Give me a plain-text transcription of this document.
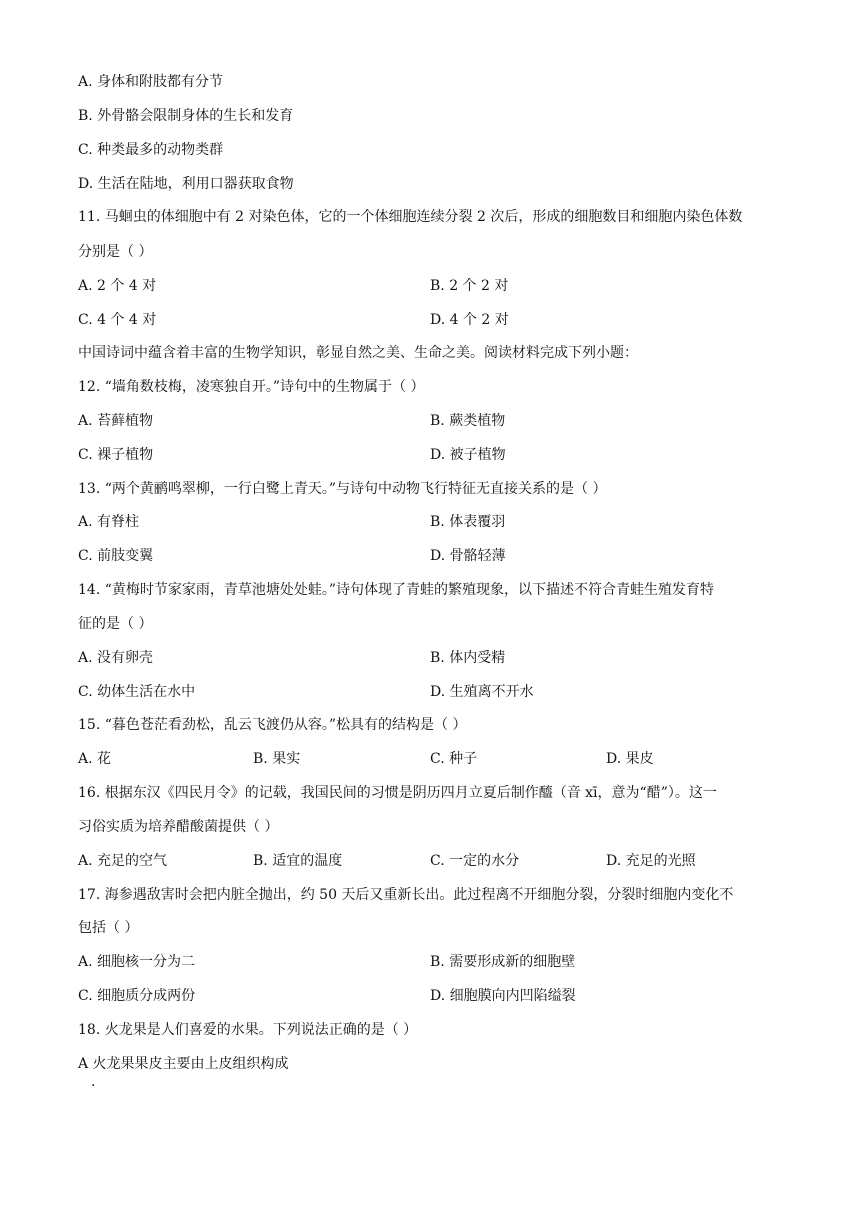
A. 身体和附肢都有分节
B. 外骨骼会限制身体的生长和发育
C. 种类最多的动物类群
D. 生活在陆地，利用口器获取食物
11. 马蛔虫的体细胞中有 2 对染色体，它的一个体细胞连续分裂 2 次后，形成的细胞数目和细胞内染色体数
分别是（ ）
A. 2 个 4 对	B. 2 个 2 对
C. 4 个 4 对	D. 4 个 2 对
中国诗词中蕴含着丰富的生物学知识，彰显自然之美、生命之美。阅读材料完成下列小题：
12. “墙角数枝梅，凌寒独自开。”诗句中的生物属于（ ）
A. 苔藓植物	B. 蕨类植物
C. 裸子植物	D. 被子植物
13. “两个黄鹂鸣翠柳，一行白鹭上青天。”与诗句中动物飞行特征无直接关系的是（ ）
A. 有脊柱	B. 体表覆羽
C. 前肢变翼	D. 骨骼轻薄
14. “黄梅时节家家雨，青草池塘处处蛙。”诗句体现了青蛙的繁殖现象，以下描述不符合青蛙生殖发育特
征的是（ ）
A. 没有卵壳	B. 体内受精
C. 幼体生活在水中	D. 生殖离不开水
15. “暮色苍茫看劲松，乱云飞渡仍从容。”松具有的结构是（ ）
A. 花	B. 果实	C. 种子	D. 果皮
16. 根据东汉《四民月令》的记载，我国民间的习惯是阴历四月立夏后制作醯（音 xī，意为“醋”）。这一
习俗实质为培养醋酸菌提供（ ）
A. 充足的空气	B. 适宜的温度	C. 一定的水分	D. 充足的光照
17. 海参遇敌害时会把内脏全抛出，约 50 天后又重新长出。此过程离不开细胞分裂，分裂时细胞内变化不
包括（ ）
A. 细胞核一分为二	B. 需要形成新的细胞壁
C. 细胞质分成两份	D. 细胞膜向内凹陷缢裂
18. 火龙果是人们喜爱的水果。下列说法正确的是（ ）
A 火龙果果皮主要由上皮组织构成
.
